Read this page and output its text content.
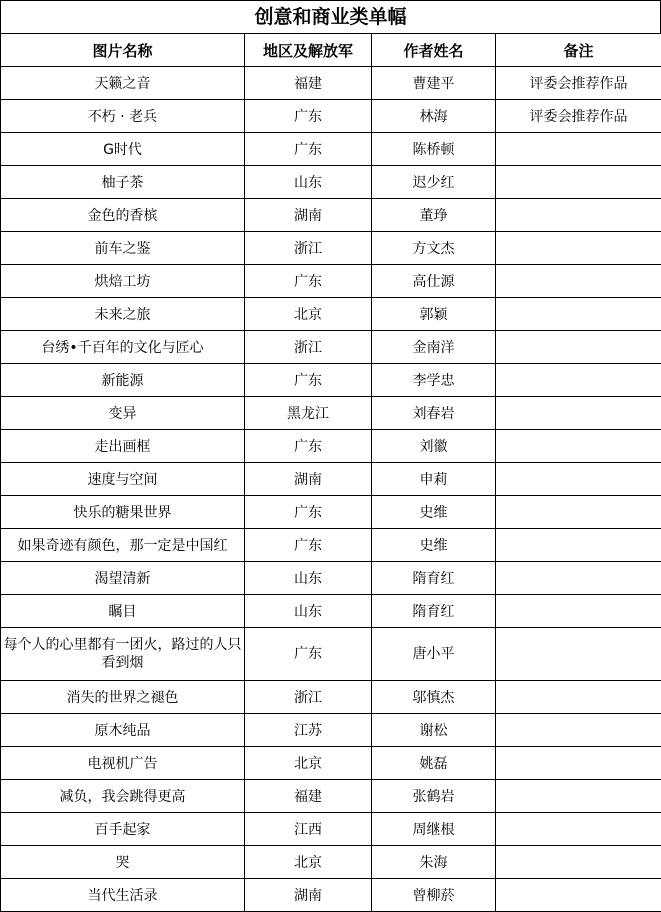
创意和商业类单幅
图片名称	地区及解放军	作者姓名	备注
天籁之音	福建	曹建平	评委会推荐作品
不朽 · 老兵	广东	林海	评委会推荐作品
G时代	广东	陈桥顿	
柚子茶	山东	迟少红	
金色的香槟	湖南	董琤	
前车之鉴	浙江	方文杰	
烘焙工坊	广东	高仕源	
未来之旅	北京	郭颖	
台绣•千百年的文化与匠心	浙江	金南洋	
新能源	广东	李学忠	
变异	黑龙江	刘春岩	
走出画框	广东	刘徽	
速度与空间	湖南	申莉	
快乐的糖果世界	广东	史维	
如果奇迹有颜色，那一定是中国红	广东	史维	
渴望清新	山东	隋育红	
瞩目	山东	隋育红	
每个人的心里都有一团火，路过的人只看到烟	广东	唐小平	
消失的世界之褪色	浙江	邬慎杰	
原木纯品	江苏	谢松	
电视机广告	北京	姚磊	
减负，我会跳得更高	福建	张鹤岩	
百手起家	江西	周继根	
哭	北京	朱海	
当代生活录	湖南	曾柳菸	
